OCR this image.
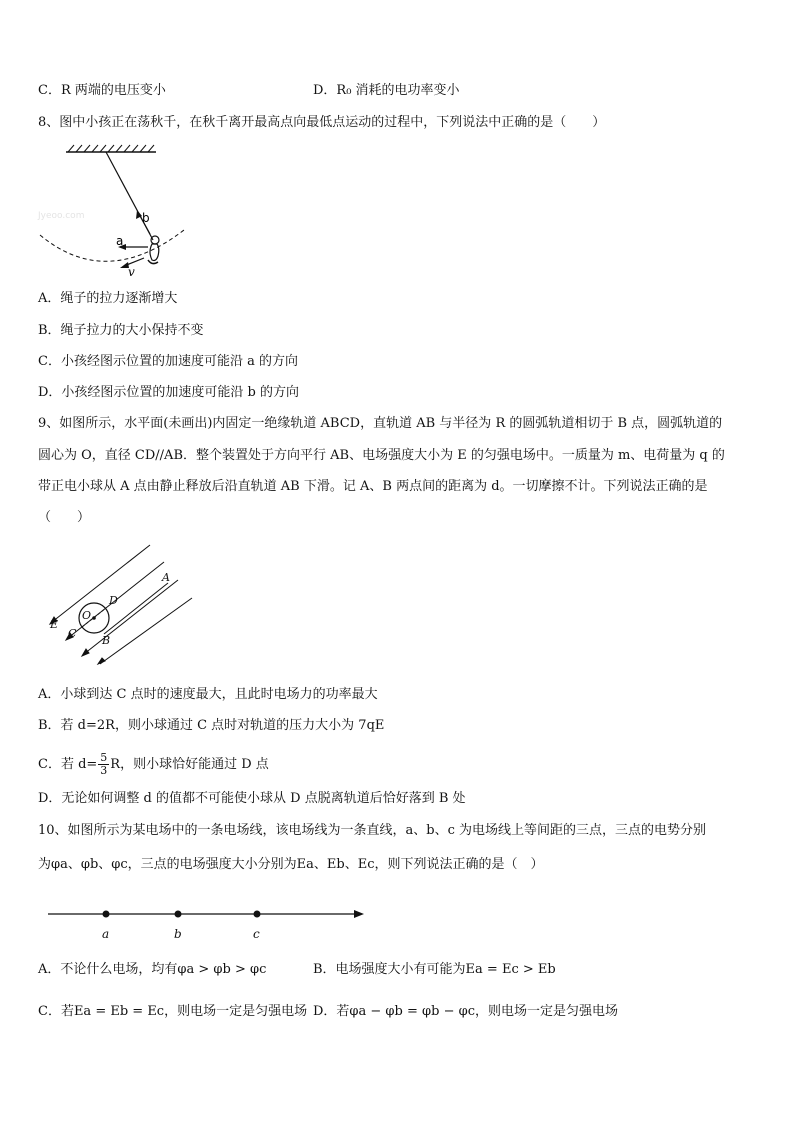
C．R 两端的电压变小	D．R₀ 消耗的电功率变小
8、图中小孩正在荡秋千，在秋千离开最高点向最低点运动的过程中，下列说法中正确的是（　　）
b
a
v
Jyeoo.com
A．绳子的拉力逐渐增大
B．绳子拉力的大小保持不变
C．小孩经图示位置的加速度可能沿 a 的方向
D．小孩经图示位置的加速度可能沿 b 的方向
9、如图所示，水平面(未画出)内固定一绝缘轨道 ABCD，直轨道 AB 与半径为 R 的圆弧轨道相切于 B 点，圆弧轨道的
圆心为 O，直径 CD//AB．整个装置处于方向平行 AB、电场强度大小为 E 的匀强电场中。一质量为 m、电荷量为 q 的
带正电小球从 A 点由静止释放后沿直轨道 AB 下滑。记 A、B 两点间的距离为 d。一切摩擦不计。下列说法正确的是
（　　）
A
D
O
C
B
E
A．小球到达 C 点时的速度最大，且此时电场力的功率最大
B．若 d=2R，则小球通过 C 点时对轨道的压力大小为 7qE
C．若 $d= \frac{5}{3}$ R，则小球恰好能通过 D 点
D．无论如何调整 d 的值都不可能使小球从 D 点脱离轨道后恰好落到 B 处
10、如图所示为某电场中的一条电场线，该电场线为一条直线，a、b、c 为电场线上等间距的三点，三点的电势分别
为φa、φb、φc，三点的电场强度大小分别为Ea、Eb、Ec，则下列说法正确的是（　）
a	b	c
A．不论什么电场，均有φa > φb > φc	B．电场强度大小有可能为Ea = Ec > Eb
C．若Ea = Eb = Ec，则电场一定是匀强电场 D．若φa − φb = φb − φc，则电场一定是匀强电场
